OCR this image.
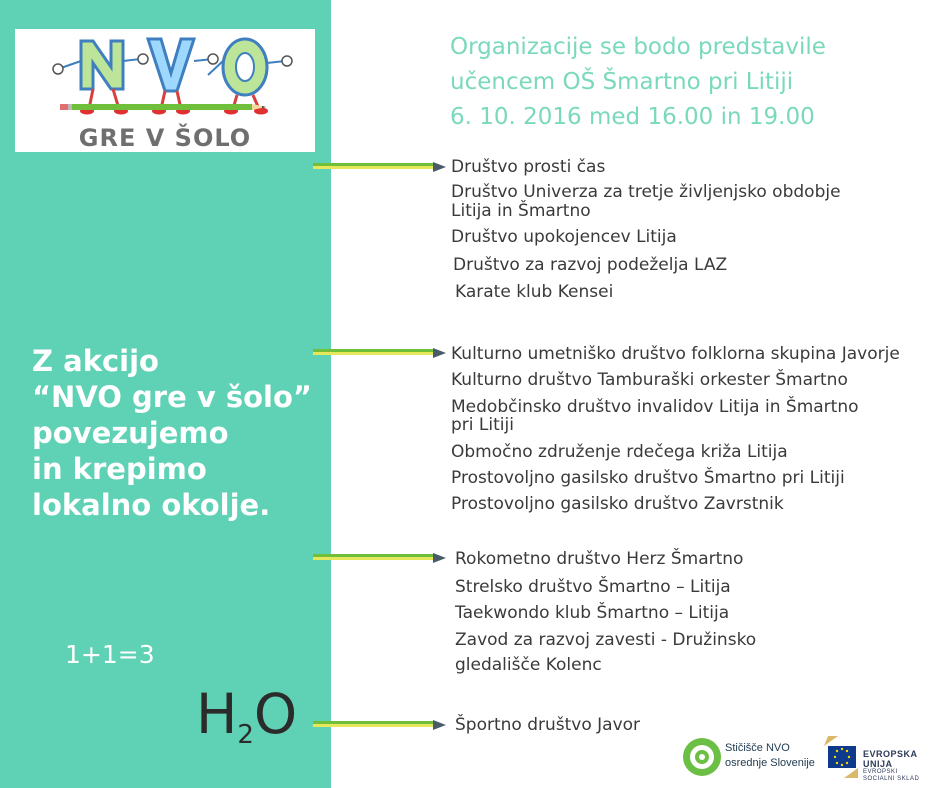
GRE V ŠOLO
Z akcijo
“NVO gre v šolo”
povezujemo
in krepimo
lokalno okolje.
1+1=3
$H_2O$
Organizacije se bodo predstavile
učencem OŠ Šmartno pri Litiji
6. 10. 2016 med 16.00 in 19.00
Društvo prosti čas
Društvo Univerza za tretje življenjsko obdobje
Litija in Šmartno
Društvo upokojencev Litija
Društvo za razvoj podeželja LAZ
Karate klub Kensei
Kulturno umetniško društvo folklorna skupina Javorje
Kulturno društvo Tamburaški orkester Šmartno
Medobčinsko društvo invalidov Litija in Šmartno
pri Litiji
Območno združenje rdečega križa Litija
Prostovoljno gasilsko društvo Šmartno pri Litiji
Prostovoljno gasilsko društvo Zavrstnik
Rokometno društvo Herz Šmartno
Strelsko društvo Šmartno – Litija
Taekwondo klub Šmartno – Litija
Zavod za razvoj zavesti - Družinsko
gledališče Kolenc
Športno društvo Javor
Stičišče NVO
osrednje Slovenije
EVROPSKA UNIJA
EVROPSKI
SOCIALNI SKLAD
